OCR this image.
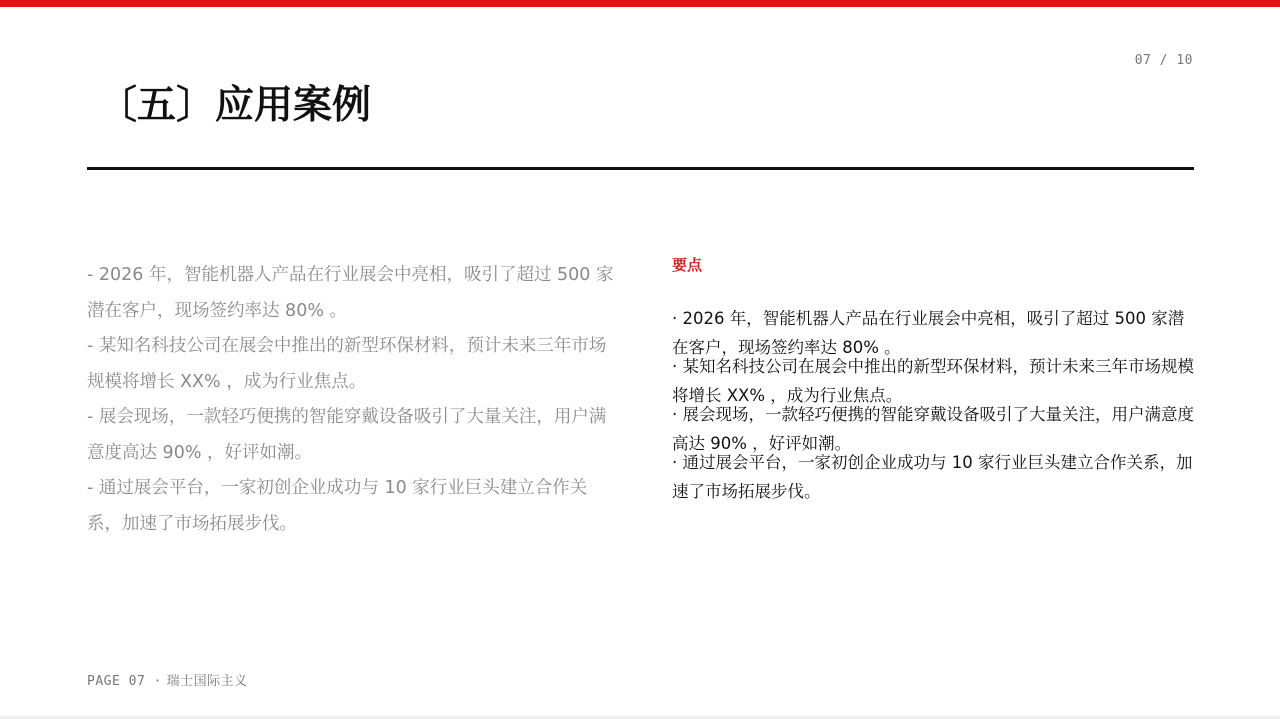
07 / 10
〔五〕应用案例

- 2026 年，智能机器人产品在行业展会中亮相，吸引了超过 500 家潜在客户，现场签约率达 80% 。

- 某知名科技公司在展会中推出的新型环保材料，预计未来三年市场规模将增长 XX% ，成为行业焦点。

- 展会现场，一款轻巧便携的智能穿戴设备吸引了大量关注，用户满意度高达 90% ，好评如潮。

- 通过展会平台，一家初创企业成功与 10 家行业巨头建立合作关系，加速了市场拓展步伐。

要点

· 2026 年，智能机器人产品在行业展会中亮相，吸引了超过 500 家潜在客户，现场签约率达 80% 。

· 某知名科技公司在展会中推出的新型环保材料，预计未来三年市场规模将增长 XX% ，成为行业焦点。

· 展会现场，一款轻巧便携的智能穿戴设备吸引了大量关注，用户满意度高达 90% ，好评如潮。

· 通过展会平台，一家初创企业成功与 10 家行业巨头建立合作关系，加速了市场拓展步伐。

PAGE 07 · 瑞士国际主义
